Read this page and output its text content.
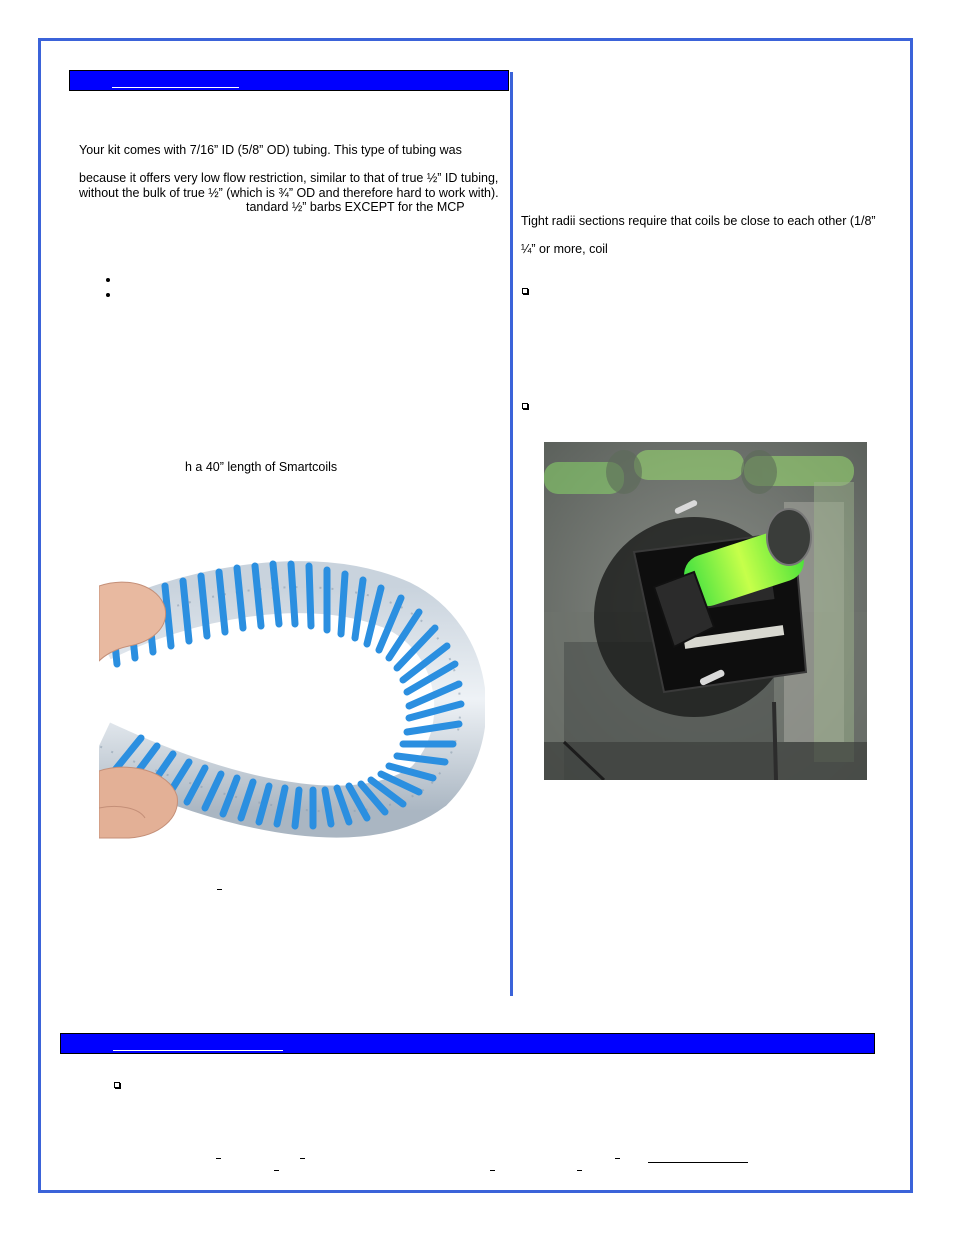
Your kit comes with 7/16” ID (5/8” OD) tubing. This type of tubing was
because it offers very low flow restriction, similar to that of true ½” ID tubing,
without the bulk of true ½” (which is ¾” OD and therefore hard to work with).
tandard ½” barbs EXCEPT for the MCP
h a 40” length of Smartcoils
Tight radii sections require that coils be close to each other (1/8”
¼” or more, coil
